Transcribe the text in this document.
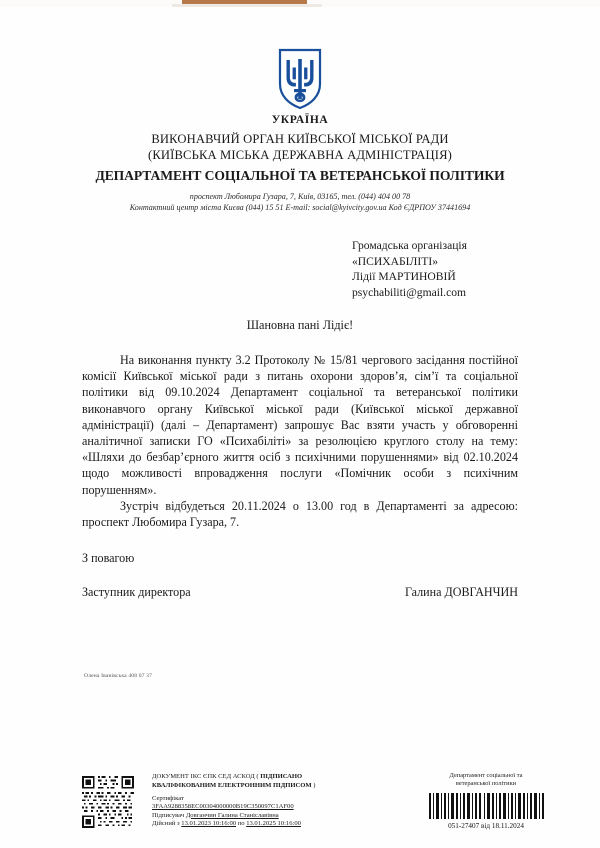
УКРАЇНА
ВИКОНАВЧИЙ ОРГАН КИЇВСЬКОЇ МІСЬКОЇ РАДИ
(КИЇВСЬКА МІСЬКА ДЕРЖАВНА АДМІНІСТРАЦІЯ)
ДЕПАРТАМЕНТ СОЦІАЛЬНОЇ ТА ВЕТЕРАНСЬКОЇ ПОЛІТИКИ
проспект Любомира Гузара, 7, Київ, 03165, тел. (044) 404 00 78
Контактний центр міста Києва (044) 15 51 E-mail: social@kyivcity.gov.ua Код ЄДРПОУ 37441694
Громадська організація
«ПСИХАБІЛІТІ»
Лідії МАРТИНОВІЙ
psychabiliti@gmail.com
Шановна пані Лідіє!

На виконання пункту 3.2 Протоколу № 15/81 чергового засідання постійної комісії Київської міської ради з питань охорони здоров’я, сім’ї та соціальної політики від 09.10.2024 Департамент соціальної та ветеранської політики виконавчого органу Київської міської ради (Київської міської державної адміністрації) (далі – Департамент) запрошує Вас взяти участь у обговоренні аналітичної записки ГО «Психабіліті» за резолюцією круглого столу на тему: «Шляхи до безбар’єрного життя осіб з психічними порушеннями» від 02.10.2024 щодо можливості впровадження послуги «Помічник особи з психічним порушенням».

Зустріч відбудеться 20.11.2024 о 13.00 год в Департаменті за адресою: проспект Любомира Гузара, 7.

З повагою
Заступник директора	Галина ДОВГАНЧИН
Олена Іванівська 408 07 37
ДОКУМЕНТ ІКС ЄПК СЕД АСКОД ( ПІДПИСАНО
КВАЛІФІКОВАНИМ ЕЛЕКТРОННИМ ПІДПИСОМ )
Сертифікат
3FAA9288358EC00304000000B19C350097C1AF00
Підписувач Довганчин Галина Станіславівна
Дійсний з 13.01.2023 10:16:00 по 13.01.2025 10:16:00
Департамент соціальної та
ветеранської політики
051-27407 від 18.11.2024
